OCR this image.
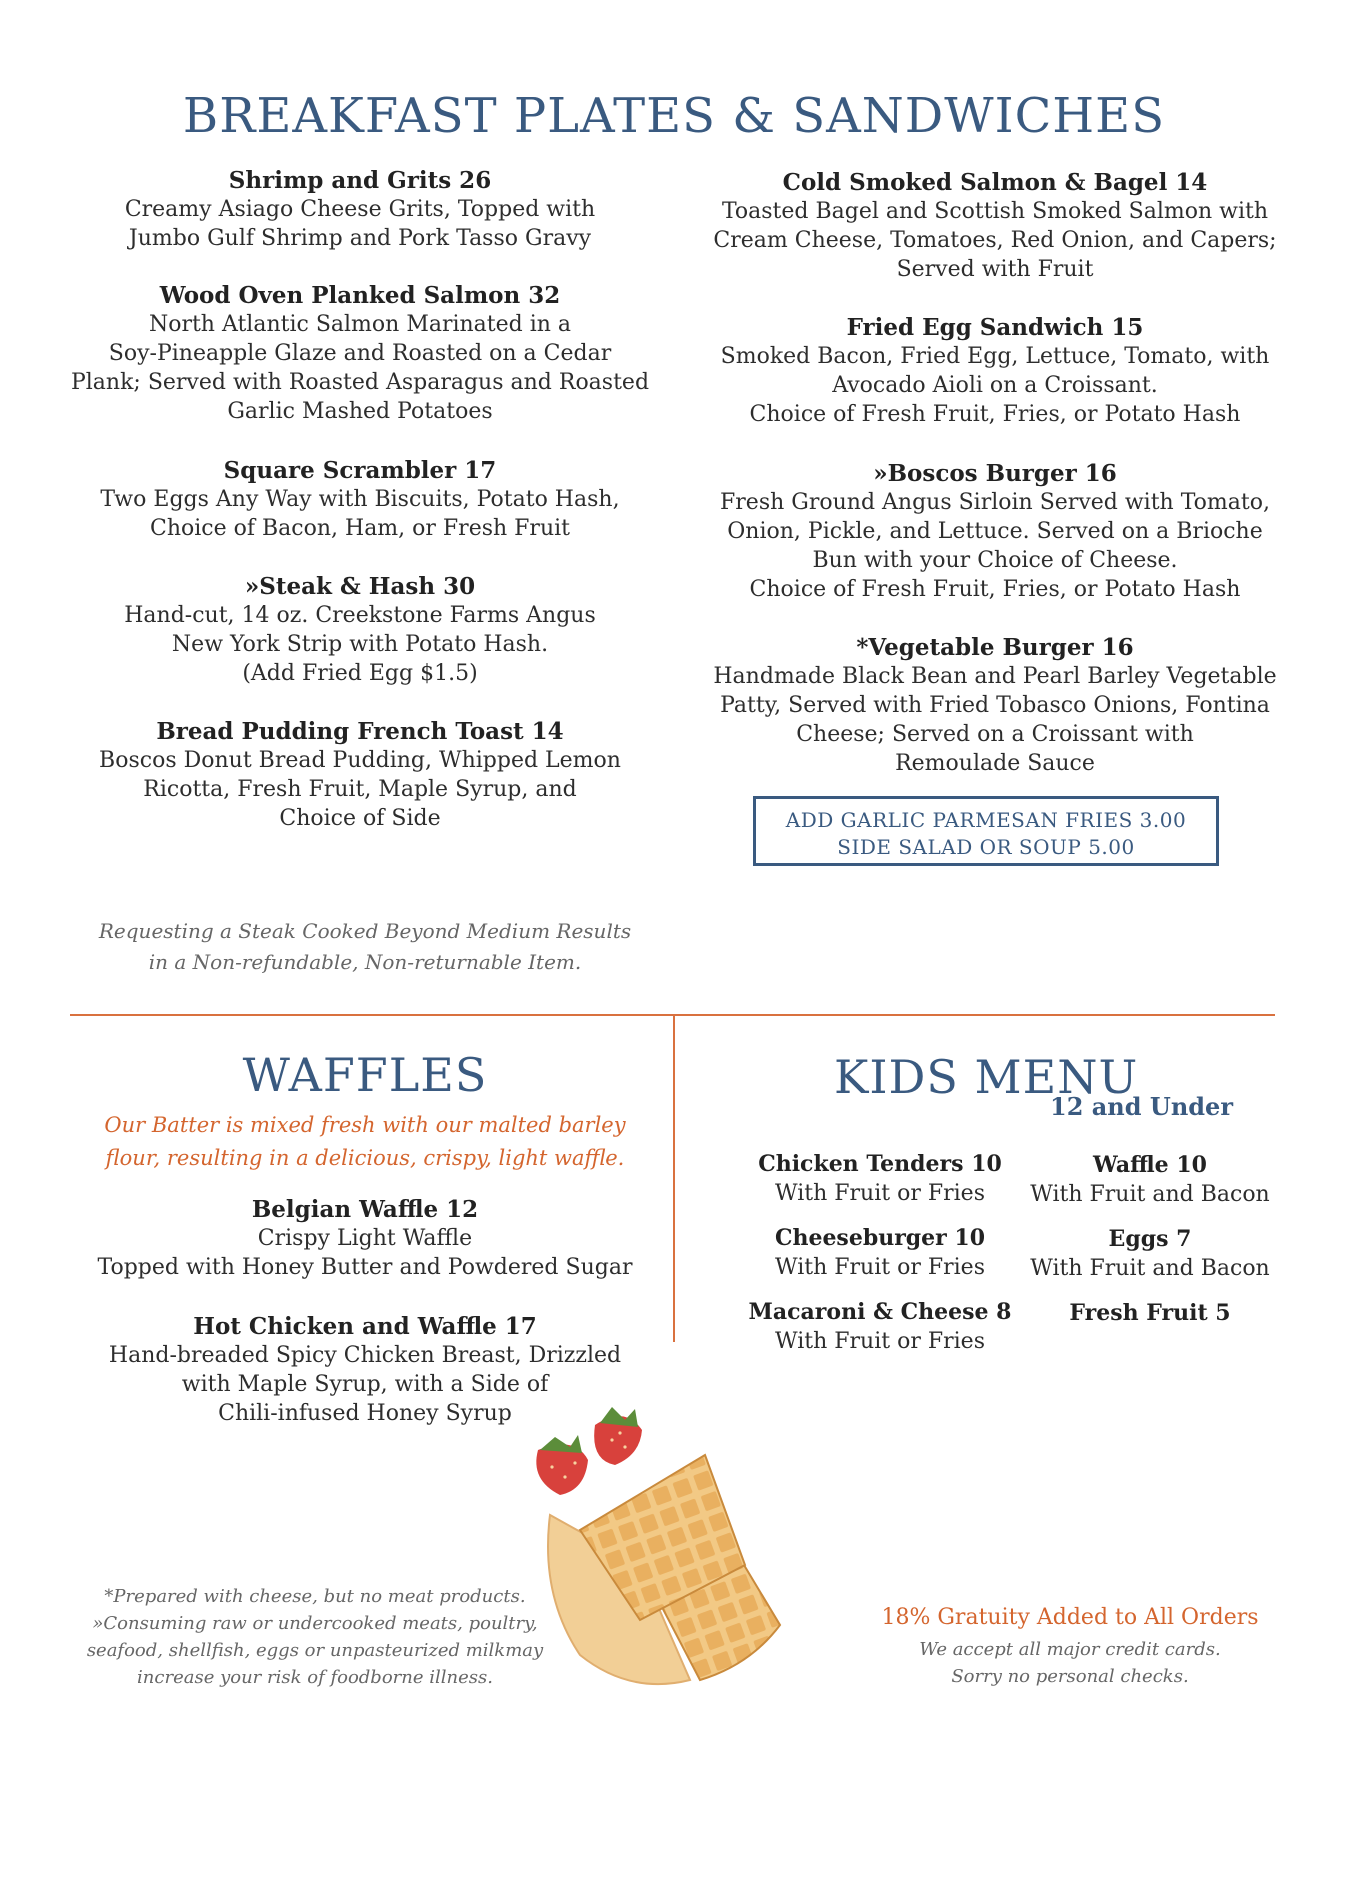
BREAKFAST PLATES & SANDWICHES
Shrimp and Grits 26
Creamy Asiago Cheese Grits, Topped with
Jumbo Gulf Shrimp and Pork Tasso Gravy
Wood Oven Planked Salmon 32
North Atlantic Salmon Marinated in a
Soy-Pineapple Glaze and Roasted on a Cedar
Plank; Served with Roasted Asparagus and Roasted
Garlic Mashed Potatoes
Square Scrambler 17
Two Eggs Any Way with Biscuits, Potato Hash,
Choice of Bacon, Ham, or Fresh Fruit
»Steak & Hash 30
Hand-cut, 14 oz. Creekstone Farms Angus
New York Strip with Potato Hash.
(Add Fried Egg $1.5)
Bread Pudding French Toast 14
Boscos Donut Bread Pudding, Whipped Lemon
Ricotta, Fresh Fruit, Maple Syrup, and
Choice of Side
Cold Smoked Salmon & Bagel 14
Toasted Bagel and Scottish Smoked Salmon with
Cream Cheese, Tomatoes, Red Onion, and Capers;
Served with Fruit
Fried Egg Sandwich 15
Smoked Bacon, Fried Egg, Lettuce, Tomato, with
Avocado Aioli on a Croissant.
Choice of Fresh Fruit, Fries, or Potato Hash
»Boscos Burger 16
Fresh Ground Angus Sirloin Served with Tomato,
Onion, Pickle, and Lettuce. Served on a Brioche
Bun with your Choice of Cheese.
Choice of Fresh Fruit, Fries, or Potato Hash
*Vegetable Burger 16
Handmade Black Bean and Pearl Barley Vegetable
Patty, Served with Fried Tobasco Onions, Fontina
Cheese; Served on a Croissant with
Remoulade Sauce
ADD GARLIC PARMESAN FRIES 3.00
SIDE SALAD OR SOUP 5.00
Requesting a Steak Cooked Beyond Medium Results
in a Non-refundable, Non-returnable Item.
WAFFLES
Our Batter is mixed fresh with our malted barley
flour, resulting in a delicious, crispy, light waffle.
Belgian Waffle 12
Crispy Light Waffle
Topped with Honey Butter and Powdered Sugar
Hot Chicken and Waffle 17
Hand-breaded Spicy Chicken Breast, Drizzled
with Maple Syrup, with a Side of
Chili-infused Honey Syrup
KIDS MENU
12 and Under
Chicken Tenders 10
With Fruit or Fries
Cheeseburger 10
With Fruit or Fries
Macaroni & Cheese 8
With Fruit or Fries
Waffle 10
With Fruit and Bacon
Eggs 7
With Fruit and Bacon
Fresh Fruit 5
*Prepared with cheese, but no meat products.
»Consuming raw or undercooked meats, poultry,
seafood, shellfish, eggs or unpasteurized milkmay
increase your risk of foodborne illness.
18% Gratuity Added to All Orders
We accept all major credit cards.
Sorry no personal checks.
